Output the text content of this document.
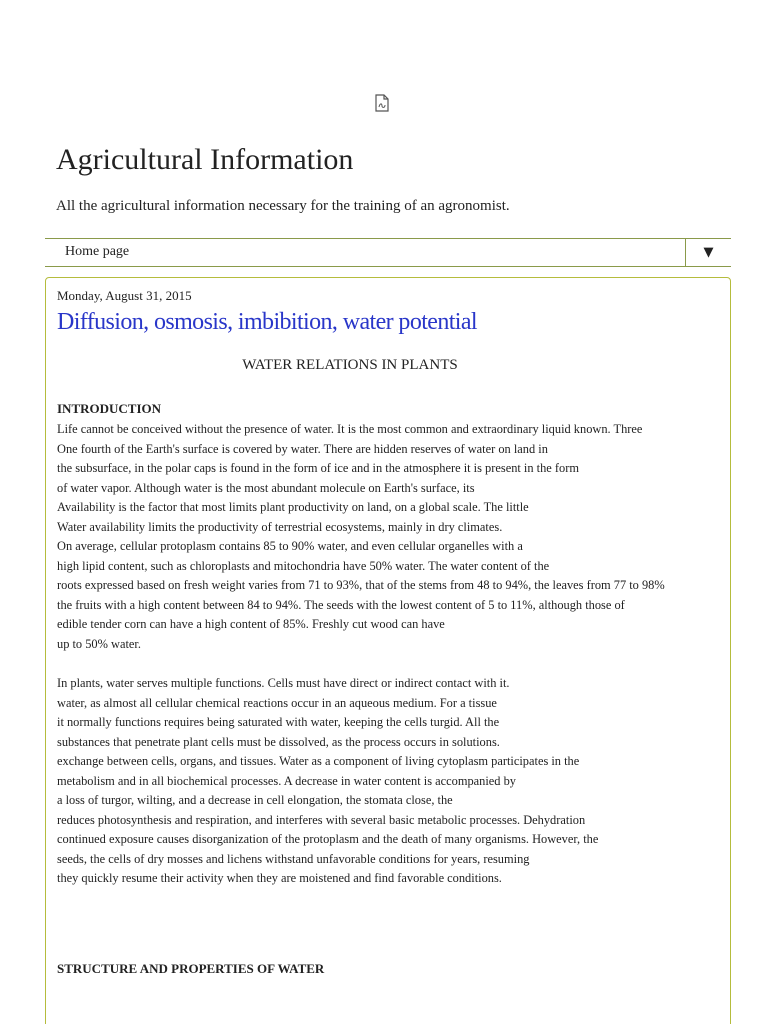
Agricultural Information
All the agricultural information necessary for the training of an agronomist.
Home page	▼
Monday, August 31, 2015
Diffusion, osmosis, imbibition, water potential
WATER RELATIONS IN PLANTS
INTRODUCTION
Life cannot be conceived without the presence of water. It is the most common and extraordinary liquid known. Three
One fourth of the Earth's surface is covered by water. There are hidden reserves of water on land in
the subsurface, in the polar caps is found in the form of ice and in the atmosphere it is present in the form
of water vapor. Although water is the most abundant molecule on Earth's surface, its
Availability is the factor that most limits plant productivity on land, on a global scale. The little
Water availability limits the productivity of terrestrial ecosystems, mainly in dry climates.
On average, cellular protoplasm contains 85 to 90% water, and even cellular organelles with a
high lipid content, such as chloroplasts and mitochondria have 50% water. The water content of the
roots expressed based on fresh weight varies from 71 to 93%, that of the stems from 48 to 94%, the leaves from 77 to 98%
the fruits with a high content between 84 to 94%. The seeds with the lowest content of 5 to 11%, although those of
edible tender corn can have a high content of 85%. Freshly cut wood can have
up to 50% water.
In plants, water serves multiple functions. Cells must have direct or indirect contact with it.
water, as almost all cellular chemical reactions occur in an aqueous medium. For a tissue
it normally functions requires being saturated with water, keeping the cells turgid. All the
substances that penetrate plant cells must be dissolved, as the process occurs in solutions.
exchange between cells, organs, and tissues. Water as a component of living cytoplasm participates in the
metabolism and in all biochemical processes. A decrease in water content is accompanied by
a loss of turgor, wilting, and a decrease in cell elongation, the stomata close, the
reduces photosynthesis and respiration, and interferes with several basic metabolic processes. Dehydration
continued exposure causes disorganization of the protoplasm and the death of many organisms. However, the
seeds, the cells of dry mosses and lichens withstand unfavorable conditions for years, resuming
they quickly resume their activity when they are moistened and find favorable conditions.
STRUCTURE AND PROPERTIES OF WATER
